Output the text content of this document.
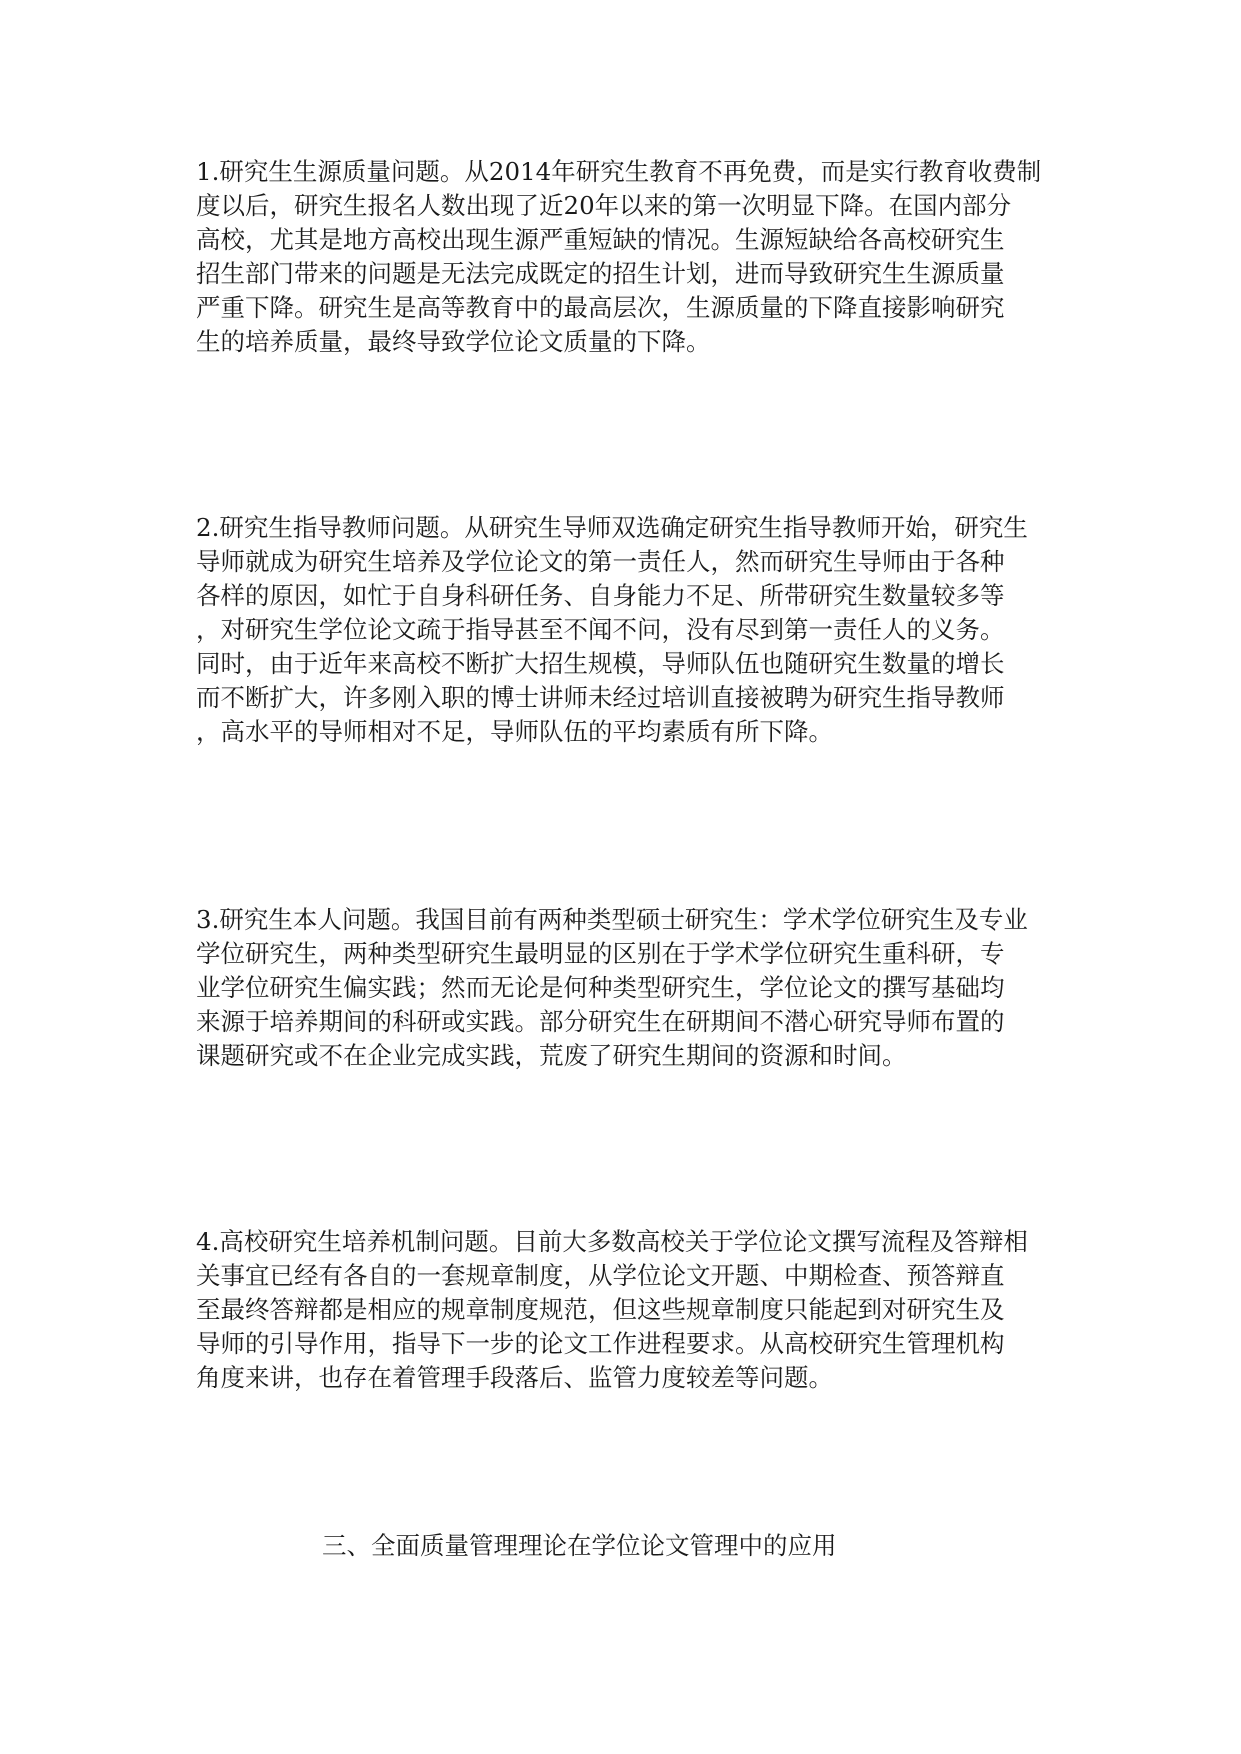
1.研究生生源质量问题。从2014年研究生教育不再免费，而是实行教育收费制
度以后，研究生报名人数出现了近20年以来的第一次明显下降。在国内部分
高校，尤其是地方高校出现生源严重短缺的情况。生源短缺给各高校研究生
招生部门带来的问题是无法完成既定的招生计划，进而导致研究生生源质量
严重下降。研究生是高等教育中的最高层次，生源质量的下降直接影响研究
生的培养质量，最终导致学位论文质量的下降。

2.研究生指导教师问题。从研究生导师双选确定研究生指导教师开始，研究生
导师就成为研究生培养及学位论文的第一责任人，然而研究生导师由于各种
各样的原因，如忙于自身科研任务、自身能力不足、所带研究生数量较多等
，对研究生学位论文疏于指导甚至不闻不问，没有尽到第一责任人的义务。
同时，由于近年来高校不断扩大招生规模，导师队伍也随研究生数量的增长
而不断扩大，许多刚入职的博士讲师未经过培训直接被聘为研究生指导教师
，高水平的导师相对不足，导师队伍的平均素质有所下降。

3.研究生本人问题。我国目前有两种类型硕士研究生：学术学位研究生及专业
学位研究生，两种类型研究生最明显的区别在于学术学位研究生重科研，专
业学位研究生偏实践；然而无论是何种类型研究生，学位论文的撰写基础均
来源于培养期间的科研或实践。部分研究生在研期间不潜心研究导师布置的
课题研究或不在企业完成实践，荒废了研究生期间的资源和时间。

4.高校研究生培养机制问题。目前大多数高校关于学位论文撰写流程及答辩相
关事宜已经有各自的一套规章制度，从学位论文开题、中期检查、预答辩直
至最终答辩都是相应的规章制度规范，但这些规章制度只能起到对研究生及
导师的引导作用，指导下一步的论文工作进程要求。从高校研究生管理机构
角度来讲，也存在着管理手段落后、监管力度较差等问题。

三、全面质量管理理论在学位论文管理中的应用
